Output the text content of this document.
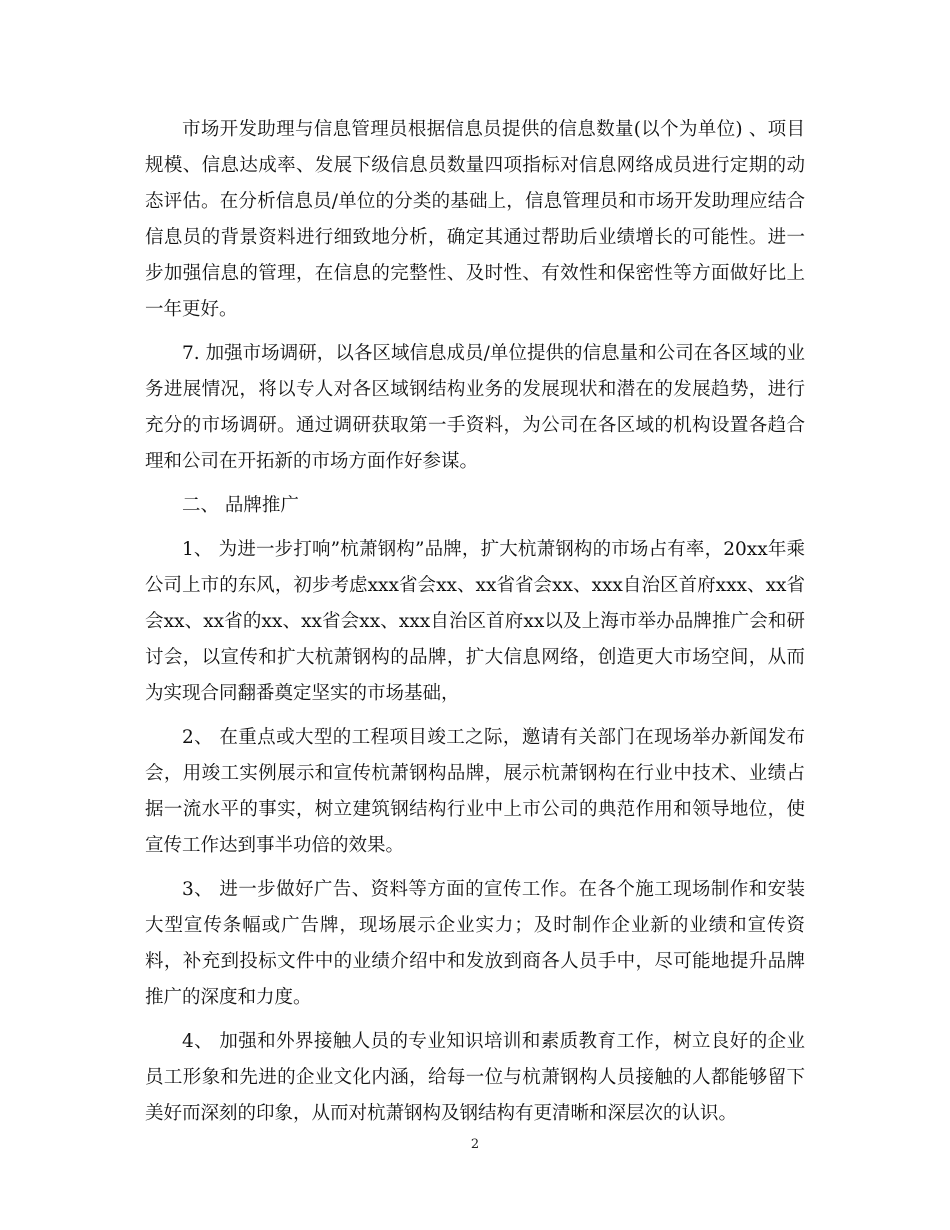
市场开发助理与信息管理员根据信息员提供的信息数量(以个为单位) 、项目规模、信息达成率、发展下级信息员数量四项指标对信息网络成员进行定期的动态评估。在分析信息员/单位的分类的基础上，信息管理员和市场开发助理应结合信息员的背景资料进行细致地分析，确定其通过帮助后业绩增长的可能性。进一步加强信息的管理，在信息的完整性、及时性、有效性和保密性等方面做好比上一年更好。

7. 加强市场调研，以各区域信息成员/单位提供的信息量和公司在各区域的业务进展情况，将以专人对各区域钢结构业务的发展现状和潜在的发展趋势，进行充分的市场调研。通过调研获取第一手资料，为公司在各区域的机构设置各趋合理和公司在开拓新的市场方面作好参谋。

二、 品牌推广

1、 为进一步打响”杭萧钢构”品牌，扩大杭萧钢构的市场占有率，20xx年乘公司上市的东风，初步考虑xxx省会xx、xx省省会xx、xxx自治区首府xxx、xx省会xx、xx省的xx、xx省会xx、xxx自治区首府xx以及上海市举办品牌推广会和研讨会，以宣传和扩大杭萧钢构的品牌，扩大信息网络，创造更大市场空间，从而为实现合同翻番奠定坚实的市场基础，

2、 在重点或大型的工程项目竣工之际，邀请有关部门在现场举办新闻发布会，用竣工实例展示和宣传杭萧钢构品牌，展示杭萧钢构在行业中技术、业绩占据一流水平的事实，树立建筑钢结构行业中上市公司的典范作用和领导地位，使宣传工作达到事半功倍的效果。

3、 进一步做好广告、资料等方面的宣传工作。在各个施工现场制作和安装大型宣传条幅或广告牌，现场展示企业实力；及时制作企业新的业绩和宣传资料，补充到投标文件中的业绩介绍中和发放到商各人员手中，尽可能地提升品牌推广的深度和力度。

4、 加强和外界接触人员的专业知识培训和素质教育工作，树立良好的企业员工形象和先进的企业文化内涵，给每一位与杭萧钢构人员接触的人都能够留下美好而深刻的印象，从而对杭萧钢构及钢结构有更清晰和深层次的认识。

2
